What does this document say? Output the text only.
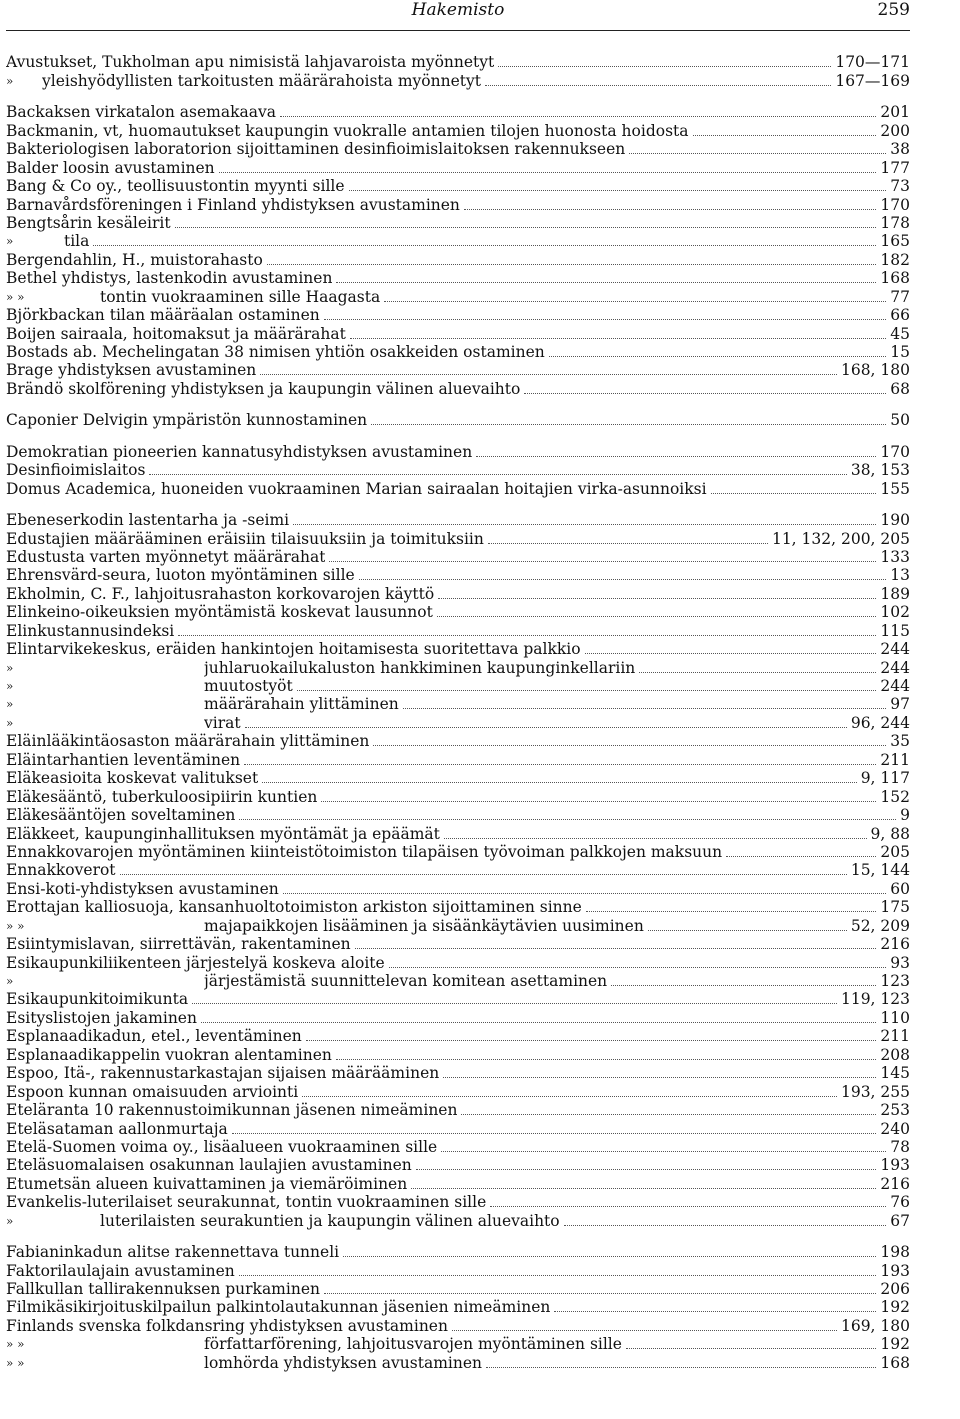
Hakemisto	259
Avustukset, Tukholman apu nimisistä lahjavaroista myönnetyt	170—171
»	yleishyödyllisten tarkoitusten määrärahoista myönnetyt	167—169
Backaksen virkatalon asemakaava	201
Backmanin, vt, huomautukset kaupungin vuokralle antamien tilojen huonosta hoidosta	200
Bakteriologisen laboratorion sijoittaminen desinfioimislaitoksen rakennukseen	38
Balder loosin avustaminen	177
Bang & Co oy., teollisuustontin myynti sille	73
Barnavårdsföreningen i Finland yhdistyksen avustaminen	170
Bengtsårin kesäleirit	178
»	tila	165
Bergendahlin, H., muistorahasto	182
Bethel yhdistys, lastenkodin avustaminen	168
» »	tontin vuokraaminen sille Haagasta	77
Björkbackan tilan määräalan ostaminen	66
Boijen sairaala, hoitomaksut ja määrärahat	45
Bostads ab. Mechelingatan 38 nimisen yhtiön osakkeiden ostaminen	15
Brage yhdistyksen avustaminen	168, 180
Brändö skolförening yhdistyksen ja kaupungin välinen aluevaihto	68
Caponier Delvigin ympäristön kunnostaminen	50
Demokratian pioneerien kannatusyhdistyksen avustaminen	170
Desinfioimislaitos	38, 153
Domus Academica, huoneiden vuokraaminen Marian sairaalan hoitajien virka-asunnoiksi	155
Ebeneserkodin lastentarha ja -seimi	190
Edustajien määrääminen eräisiin tilaisuuksiin ja toimituksiin	11, 132, 200, 205
Edustusta varten myönnetyt määrärahat	133
Ehrensvärd-seura, luoton myöntäminen sille	13
Ekholmin, C. F., lahjoitusrahaston korkovarojen käyttö	189
Elinkeino-oikeuksien myöntämistä koskevat lausunnot	102
Elinkustannusindeksi	115
Elintarvikekeskus, eräiden hankintojen hoitamisesta suoritettava palkkio	244
»	juhlaruokailukaluston hankkiminen kaupunginkellariin	244
»	muutostyöt	244
»	määrärahain ylittäminen	97
»	virat	96, 244
Eläinlääkintäosaston määrärahain ylittäminen	35
Eläintarhantien leventäminen	211
Eläkeasioita koskevat valitukset	9, 117
Eläkesääntö, tuberkuloosipiirin kuntien	152
Eläkesääntöjen soveltaminen	9
Eläkkeet, kaupunginhallituksen myöntämät ja epäämät	9, 88
Ennakkovarojen myöntäminen kiinteistötoimiston tilapäisen työvoiman palkkojen maksuun	205
Ennakkoverot	15, 144
Ensi-koti-yhdistyksen avustaminen	60
Erottajan kalliosuoja, kansanhuoltotoimiston arkiston sijoittaminen sinne	175
» »	majapaikkojen lisääminen ja sisäänkäytävien uusiminen	52, 209
Esiintymislavan, siirrettävän, rakentaminen	216
Esikaupunkiliikenteen järjestelyä koskeva aloite	93
»	järjestämistä suunnittelevan komitean asettaminen	123
Esikaupunkitoimikunta	119, 123
Esityslistojen jakaminen	110
Esplanaadikadun, etel., leventäminen	211
Esplanaadikappelin vuokran alentaminen	208
Espoo, Itä-, rakennustarkastajan sijaisen määrääminen	145
Espoon kunnan omaisuuden arviointi	193, 255
Eteläranta 10 rakennustoimikunnan jäsenen nimeäminen	253
Eteläsataman aallonmurtaja	240
Etelä-Suomen voima oy., lisäalueen vuokraaminen sille	78
Eteläsuomalaisen osakunnan laulajien avustaminen	193
Etumetsän alueen kuivattaminen ja viemäröiminen	216
Evankelis-luterilaiset seurakunnat, tontin vuokraaminen sille	76
»	luterilaisten seurakuntien ja kaupungin välinen aluevaihto	67
Fabianinkadun alitse rakennettava tunneli	198
Faktorilaulajain avustaminen	193
Fallkullan tallirakennuksen purkaminen	206
Filmikäsikirjoituskilpailun palkintolautakunnan jäsenien nimeäminen	192
Finlands svenska folkdansring yhdistyksen avustaminen	169, 180
» »	författarförening, lahjoitusvarojen myöntäminen sille	192
» »	lomhörda yhdistyksen avustaminen	168
